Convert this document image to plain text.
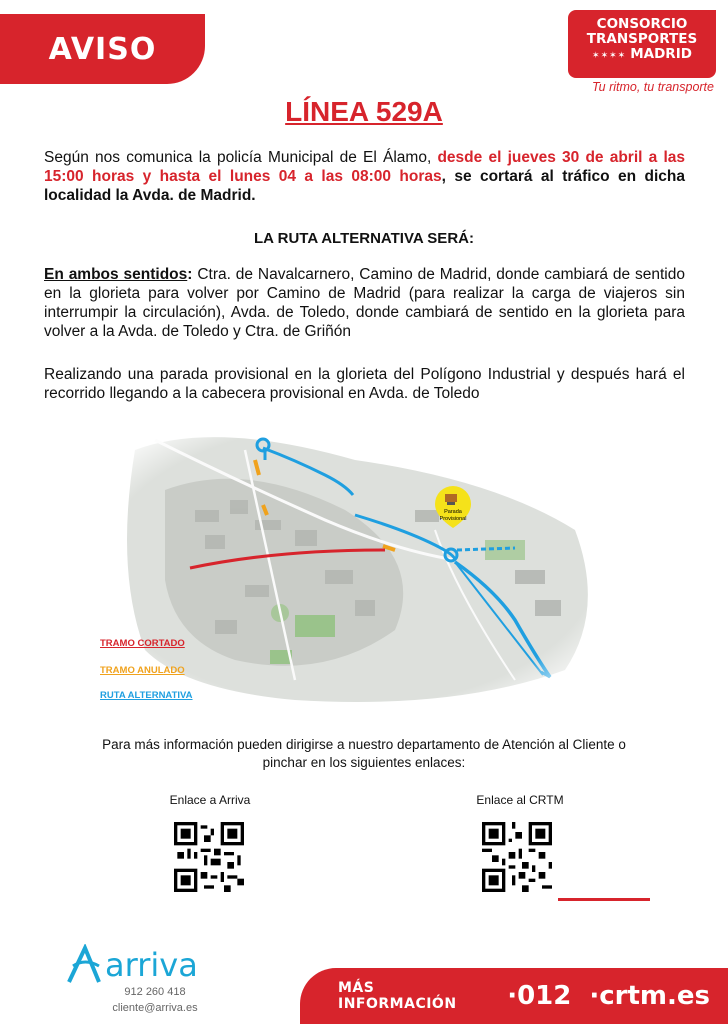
AVISO
CONSORCIO
TRANSPORTES
✶✶✶✶ MADRID
Tu ritmo, tu transporte
LÍNEA 529A
Según nos comunica la policía Municipal de El Álamo, desde el jueves 30 de abril a las 15:00 horas y hasta el lunes 04 a las 08:00 horas, se cortará al tráfico en dicha localidad la Avda. de Madrid.
LA RUTA ALTERNATIVA SERÁ:
En ambos sentidos: Ctra. de Navalcarnero, Camino de Madrid, donde cambiará de sentido en la glorieta para volver por Camino de Madrid (para realizar la carga de viajeros sin interrumpir la circulación), Avda. de Toledo, donde cambiará de sentido en la glorieta para volver a la Avda. de Toledo y Ctra. de Griñón
Realizando una parada provisional en la glorieta del Polígono Industrial y después hará el recorrido llegando a la cabecera provisional en Avda. de Toledo
TRAMO CORTADO
TRAMO ANULADO
RUTA ALTERNATIVA
Para más información pueden dirigirse a nuestro departamento de Atención al Cliente o
pinchar en los siguientes enlaces:
Enlace a Arriva	Enlace al CRTM
arriva
912 260 418
cliente@arriva.es
MÁS INFORMACIÓN	·012 ·crtm.es
